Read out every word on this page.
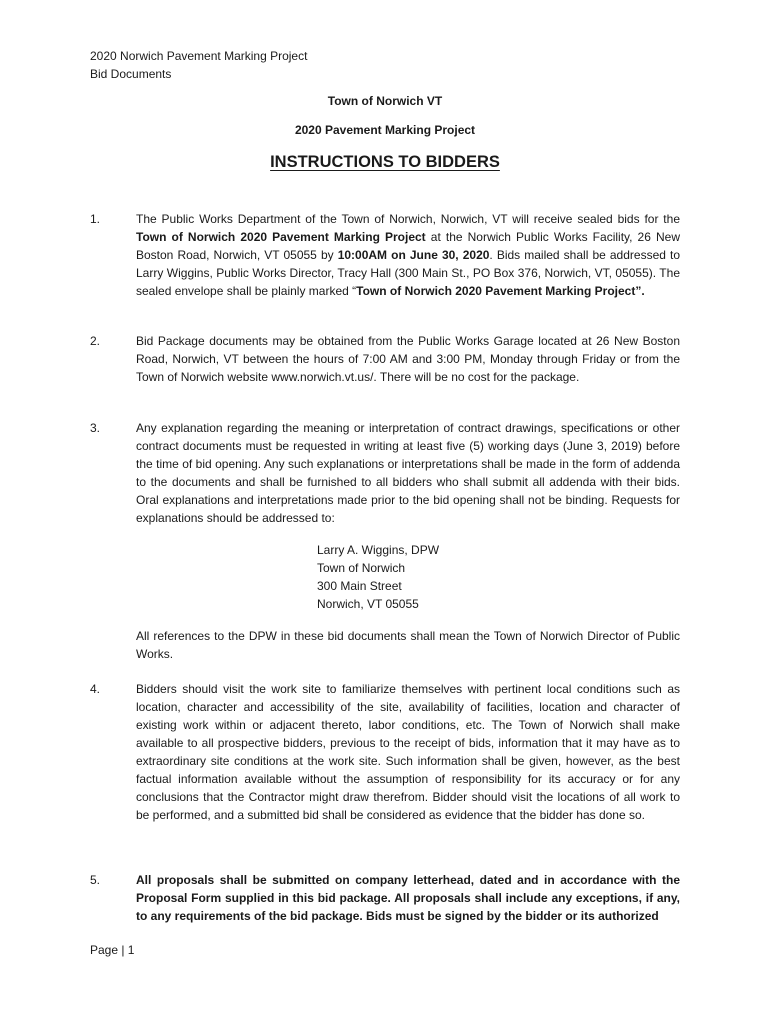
2020 Norwich Pavement Marking Project
Bid Documents
Town of Norwich VT
2020 Pavement Marking Project
INSTRUCTIONS TO BIDDERS
1.	The Public Works Department of the Town of Norwich, Norwich, VT will receive sealed bids for the Town of Norwich 2020 Pavement Marking Project at the Norwich Public Works Facility, 26 New Boston Road, Norwich, VT 05055 by 10:00AM on June 30, 2020. Bids mailed shall be addressed to Larry Wiggins, Public Works Director, Tracy Hall (300 Main St., PO Box 376, Norwich, VT, 05055). The sealed envelope shall be plainly marked “Town of Norwich 2020 Pavement Marking Project”.
2.	Bid Package documents may be obtained from the Public Works Garage located at 26 New Boston Road, Norwich, VT between the hours of 7:00 AM and 3:00 PM, Monday through Friday or from the Town of Norwich website www.norwich.vt.us/. There will be no cost for the package.
3.	Any explanation regarding the meaning or interpretation of contract drawings, specifications or other contract documents must be requested in writing at least five (5) working days (June 3, 2019) before the time of bid opening. Any such explanations or interpretations shall be made in the form of addenda to the documents and shall be furnished to all bidders who shall submit all addenda with their bids. Oral explanations and interpretations made prior to the bid opening shall not be binding. Requests for explanations should be addressed to:
Larry A. Wiggins, DPW
Town of Norwich
300 Main Street
Norwich, VT 05055
All references to the DPW in these bid documents shall mean the Town of Norwich Director of Public Works.
4.	Bidders should visit the work site to familiarize themselves with pertinent local conditions such as location, character and accessibility of the site, availability of facilities, location and character of existing work within or adjacent thereto, labor conditions, etc. The Town of Norwich shall make available to all prospective bidders, previous to the receipt of bids, information that it may have as to extraordinary site conditions at the work site. Such information shall be given, however, as the best factual information available without the assumption of responsibility for its accuracy or for any conclusions that the Contractor might draw therefrom. Bidder should visit the locations of all work to be performed, and a submitted bid shall be considered as evidence that the bidder has done so.
5.	All proposals shall be submitted on company letterhead, dated and in accordance with the Proposal Form supplied in this bid package. All proposals shall include any exceptions, if any, to any requirements of the bid package. Bids must be signed by the bidder or its authorized
Page | 1
